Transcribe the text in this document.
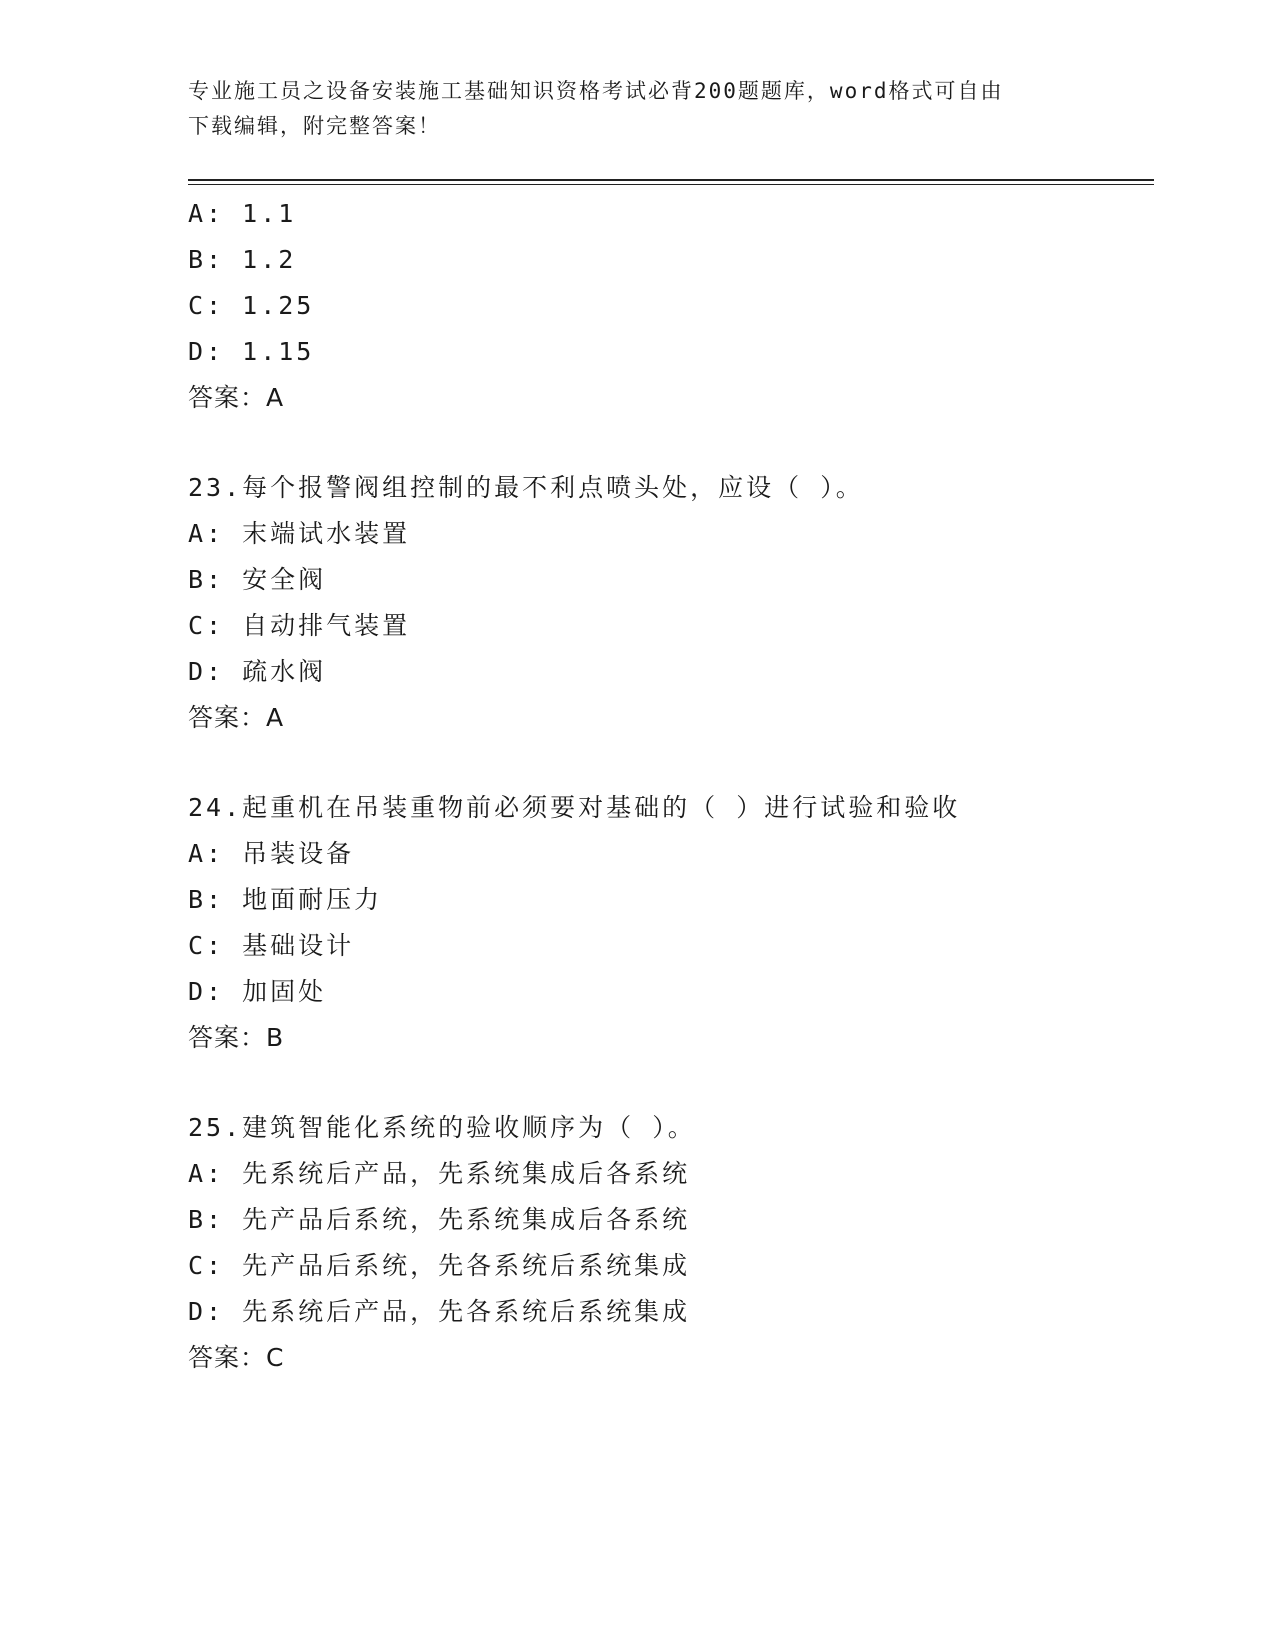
专业施工员之设备安装施工基础知识资格考试必背200题题库，word格式可自由
下载编辑，附完整答案！
A: 1.1
B: 1.2
C: 1.25
D: 1.15
答案：A
23.每个报警阀组控制的最不利点喷头处，应设（ ）。
A: 末端试水装置
B: 安全阀
C: 自动排气装置
D: 疏水阀
答案：A
24.起重机在吊装重物前必须要对基础的（ ）进行试验和验收
A: 吊装设备
B: 地面耐压力
C: 基础设计
D: 加固处
答案：B
25.建筑智能化系统的验收顺序为（ ）。
A: 先系统后产品，先系统集成后各系统
B: 先产品后系统，先系统集成后各系统
C: 先产品后系统，先各系统后系统集成
D: 先系统后产品，先各系统后系统集成
答案：C
